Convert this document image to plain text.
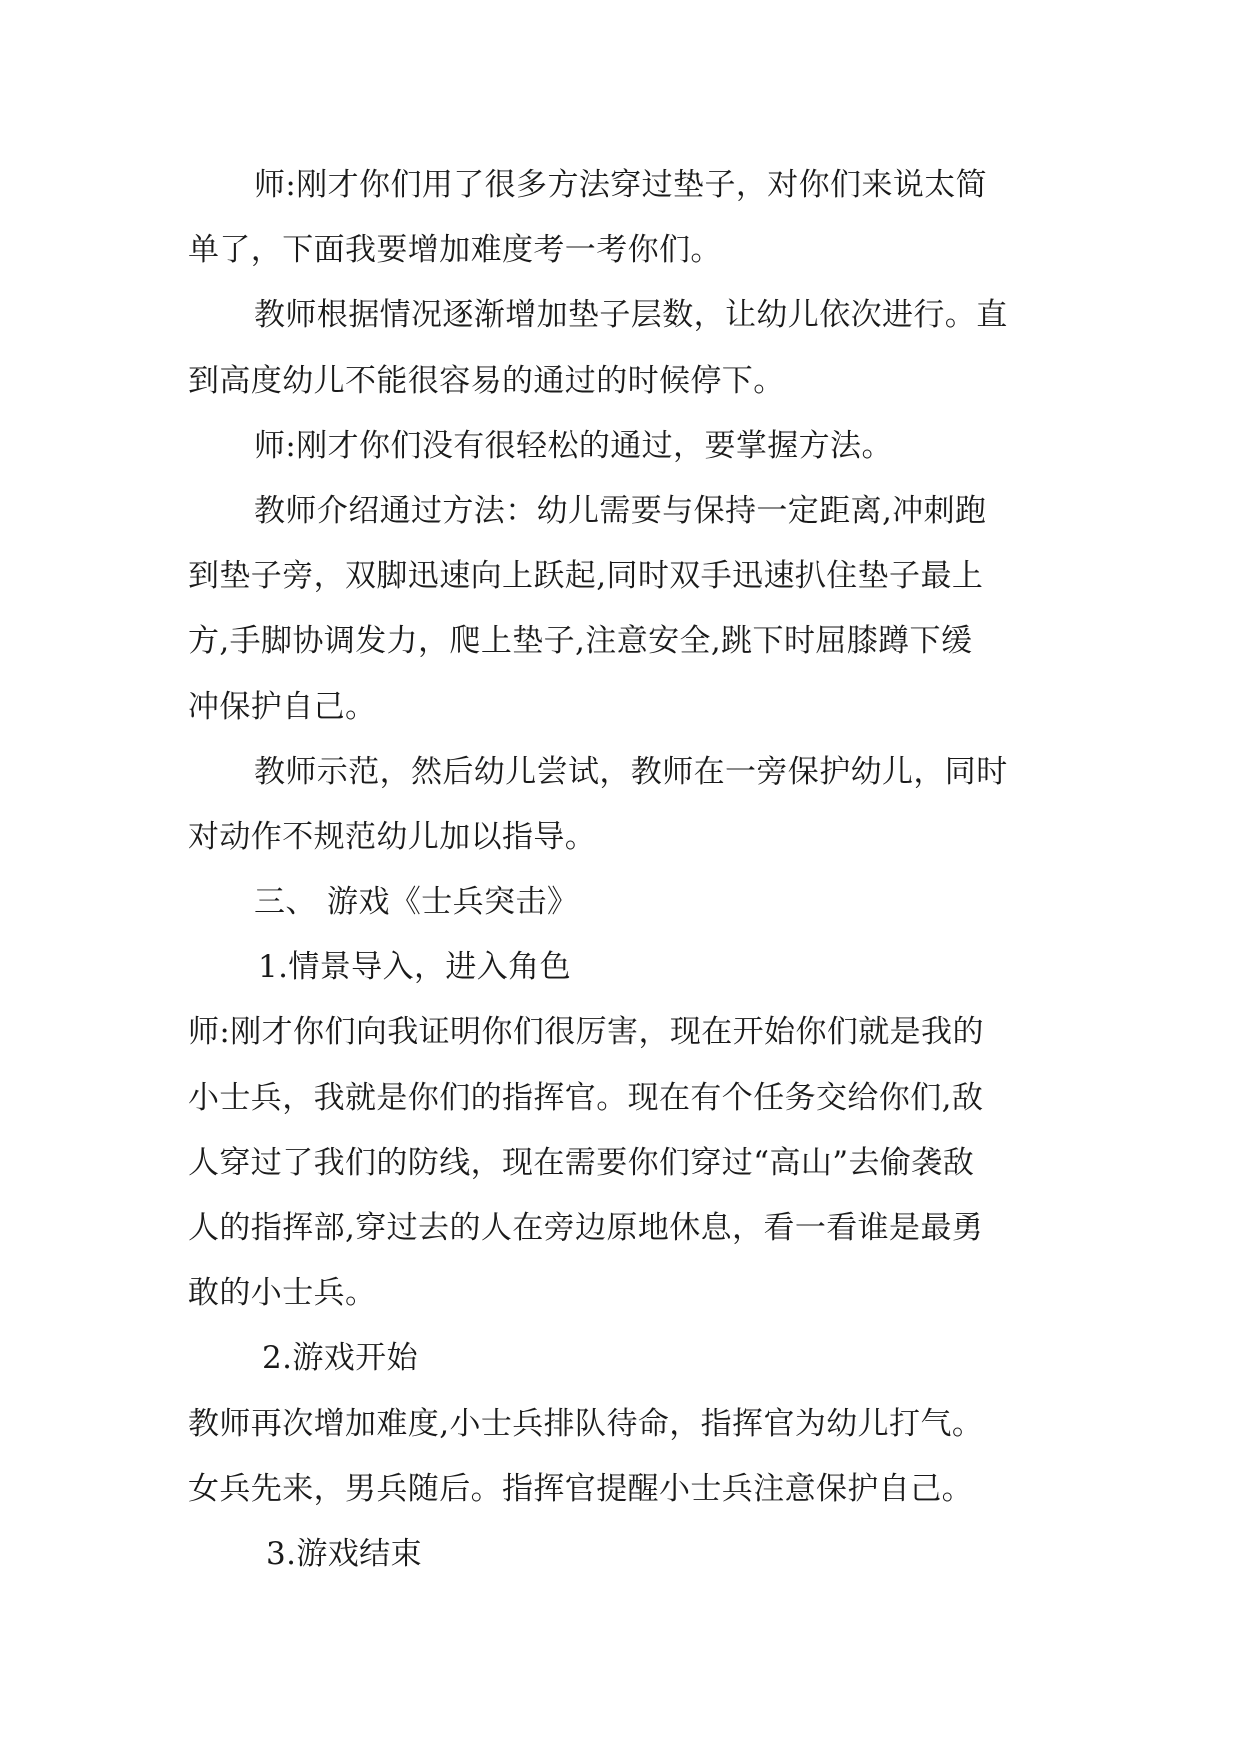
师:刚才你们用了很多方法穿过垫子，对你们来说太简
单了，下面我要增加难度考一考你们。
教师根据情况逐渐增加垫子层数，让幼儿依次进行。直
到高度幼儿不能很容易的通过的时候停下。
师:刚才你们没有很轻松的通过，要掌握方法。
教师介绍通过方法：幼儿需要与保持一定距离,冲刺跑
到垫子旁，双脚迅速向上跃起,同时双手迅速扒住垫子最上
方,手脚协调发力，爬上垫子,注意安全,跳下时屈膝蹲下缓
冲保护自己。
教师示范，然后幼儿尝试，教师在一旁保护幼儿，同时
对动作不规范幼儿加以指导。
三、 游戏《士兵突击》
1.情景导入，进入角色
师:刚才你们向我证明你们很厉害，现在开始你们就是我的
小士兵，我就是你们的指挥官。现在有个任务交给你们,敌
人穿过了我们的防线，现在需要你们穿过“高山”去偷袭敌
人的指挥部,穿过去的人在旁边原地休息，看一看谁是最勇
敢的小士兵。
2.游戏开始
教师再次增加难度,小士兵排队待命，指挥官为幼儿打气。
女兵先来，男兵随后。指挥官提醒小士兵注意保护自己。
3.游戏结束
